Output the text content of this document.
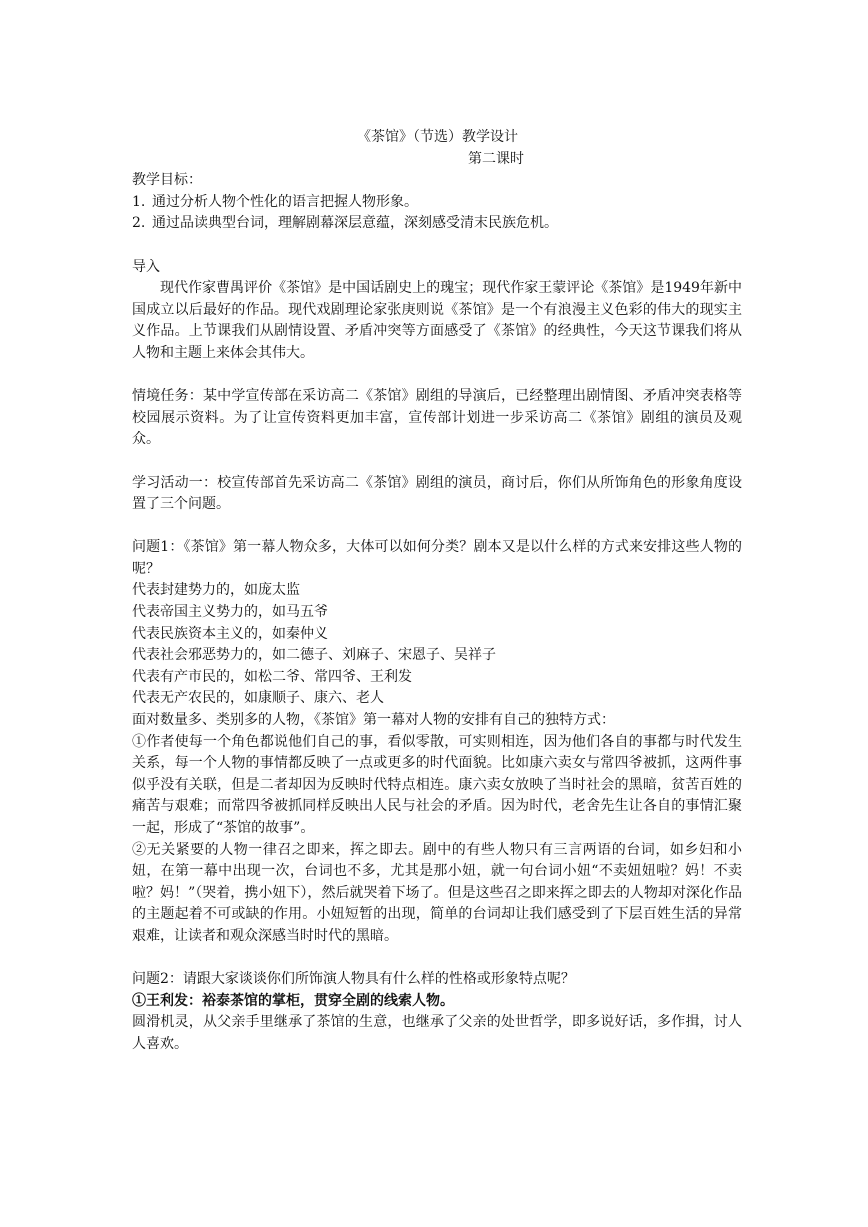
《茶馆》（节选）教学设计
第二课时
教学目标：
1. 通过分析人物个性化的语言把握人物形象。
2. 通过品读典型台词，理解剧幕深层意蕴，深刻感受清末民族危机。
导入
现代作家曹禺评价《茶馆》是中国话剧史上的瑰宝；现代作家王蒙评论《茶馆》是1949年新中国成立以后最好的作品。现代戏剧理论家张庚则说《茶馆》是一个有浪漫主义色彩的伟大的现实主义作品。上节课我们从剧情设置、矛盾冲突等方面感受了《茶馆》的经典性，今天这节课我们将从人物和主题上来体会其伟大。
情境任务：某中学宣传部在采访高二《茶馆》剧组的导演后，已经整理出剧情图、矛盾冲突表格等校园展示资料。为了让宣传资料更加丰富，宣传部计划进一步采访高二《茶馆》剧组的演员及观众。
学习活动一：校宣传部首先采访高二《茶馆》剧组的演员，商讨后，你们从所饰角色的形象角度设置了三个问题。
问题1：《茶馆》第一幕人物众多，大体可以如何分类？剧本又是以什么样的方式来安排这些人物的呢？
代表封建势力的，如庞太监
代表帝国主义势力的，如马五爷
代表民族资本主义的，如秦仲义
代表社会邪恶势力的，如二德子、刘麻子、宋恩子、吴祥子
代表有产市民的，如松二爷、常四爷、王利发
代表无产农民的，如康顺子、康六、老人
面对数量多、类别多的人物，《茶馆》第一幕对人物的安排有自己的独特方式：
①作者使每一个角色都说他们自己的事，看似零散，可实则相连，因为他们各自的事都与时代发生关系，每一个人物的事情都反映了一点或更多的时代面貌。比如康六卖女与常四爷被抓，这两件事似乎没有关联，但是二者却因为反映时代特点相连。康六卖女放映了当时社会的黑暗，贫苦百姓的痛苦与艰难；而常四爷被抓同样反映出人民与社会的矛盾。因为时代，老舍先生让各自的事情汇聚一起，形成了“茶馆的故事”。
②无关紧要的人物一律召之即来，挥之即去。剧中的有些人物只有三言两语的台词，如乡妇和小妞，在第一幕中出现一次，台词也不多，尤其是那小妞，就一句台词小妞“不卖妞妞啦？妈！不卖啦？妈！”（哭着，携小妞下），然后就哭着下场了。但是这些召之即来挥之即去的人物却对深化作品的主题起着不可或缺的作用。小妞短暂的出现，简单的台词却让我们感受到了下层百姓生活的异常艰难，让读者和观众深感当时时代的黑暗。
问题2：请跟大家谈谈你们所饰演人物具有什么样的性格或形象特点呢？
①王利发：裕泰茶馆的掌柜，贯穿全剧的线索人物。
圆滑机灵，从父亲手里继承了茶馆的生意，也继承了父亲的处世哲学，即多说好话，多作揖，讨人人喜欢。
